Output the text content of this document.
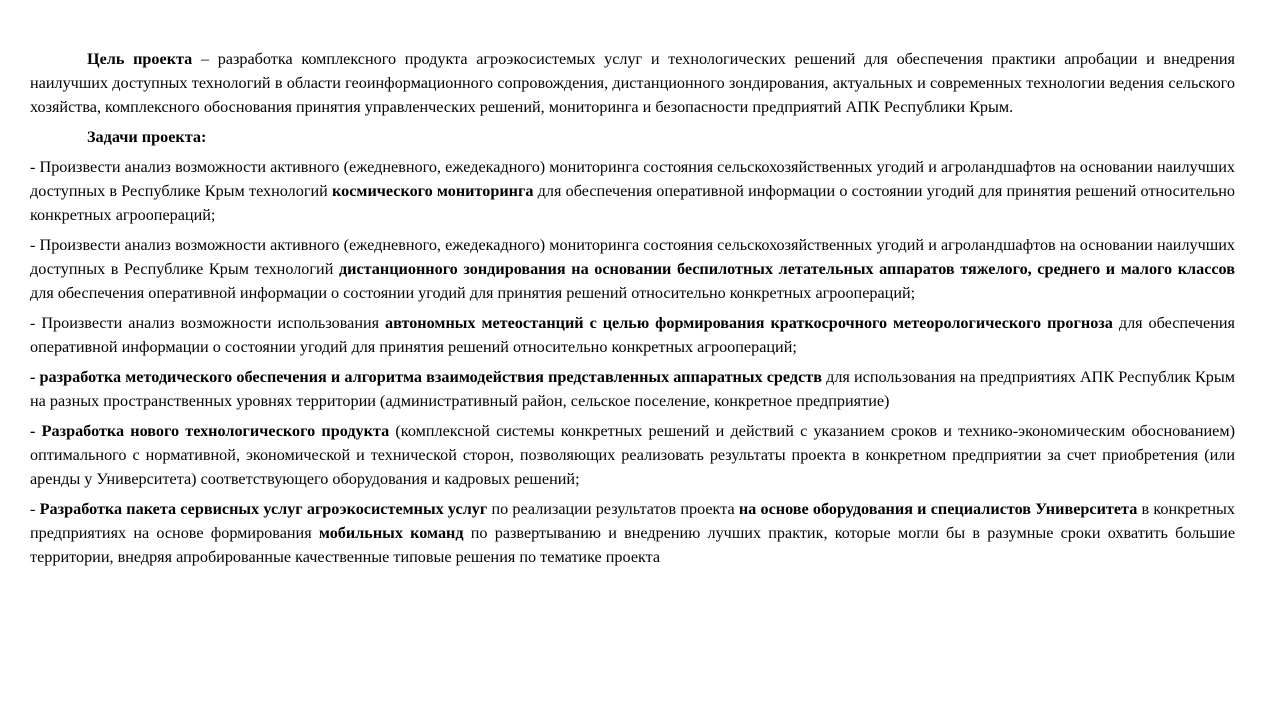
Цель проекта – разработка комплексного продукта агроэкосистемых услуг и технологических решений для обеспечения практики апробации и внедрения наилучших доступных технологий в области геоинформационного сопровождения, дистанционного зондирования, актуальных и современных технологии ведения сельского хозяйства, комплексного обоснования принятия управленческих решений, мониторинга и безопасности предприятий АПК Республики Крым.

Задачи проекта:

- Произвести анализ возможности активного (ежедневного, ежедекадного) мониторинга состояния сельскохозяйственных угодий и агроландшафтов на основании наилучших доступных в Республике Крым технологий космического мониторинга для обеспечения оперативной информации о состоянии угодий для принятия решений относительно конкретных агроопераций;

- Произвести анализ возможности активного (ежедневного, ежедекадного) мониторинга состояния сельскохозяйственных угодий и агроландшафтов на основании наилучших доступных в Республике Крым технологий дистанционного зондирования на основании беспилотных летательных аппаратов тяжелого, среднего и малого классов для обеспечения оперативной информации о состоянии угодий для принятия решений относительно конкретных агроопераций;

- Произвести анализ возможности использования автономных метеостанций с целью формирования краткосрочного метеорологического прогноза для обеспечения оперативной информации о состоянии угодий для принятия решений относительно конкретных агроопераций;

- разработка методического обеспечения и алгоритма взаимодействия представленных аппаратных средств для использования на предприятиях АПК Республик Крым на разных пространственных уровнях территории (административный район, сельское поселение, конкретное предприятие)

- Разработка нового технологического продукта (комплексной системы конкретных решений и действий с указанием сроков и технико-экономическим обоснованием) оптимального с нормативной, экономической и технической сторон, позволяющих реализовать результаты проекта в конкретном предприятии за счет приобретения (или аренды у Университета) соответствующего оборудования и кадровых решений;

- Разработка пакета сервисных услуг агроэкосистемных услуг по реализации результатов проекта на основе оборудования и специалистов Университета в конкретных предприятиях на основе формирования мобильных команд по развертыванию и внедрению лучших практик, которые могли бы в разумные сроки охватить большие территории, внедряя апробированные качественные типовые решения по тематике проекта
